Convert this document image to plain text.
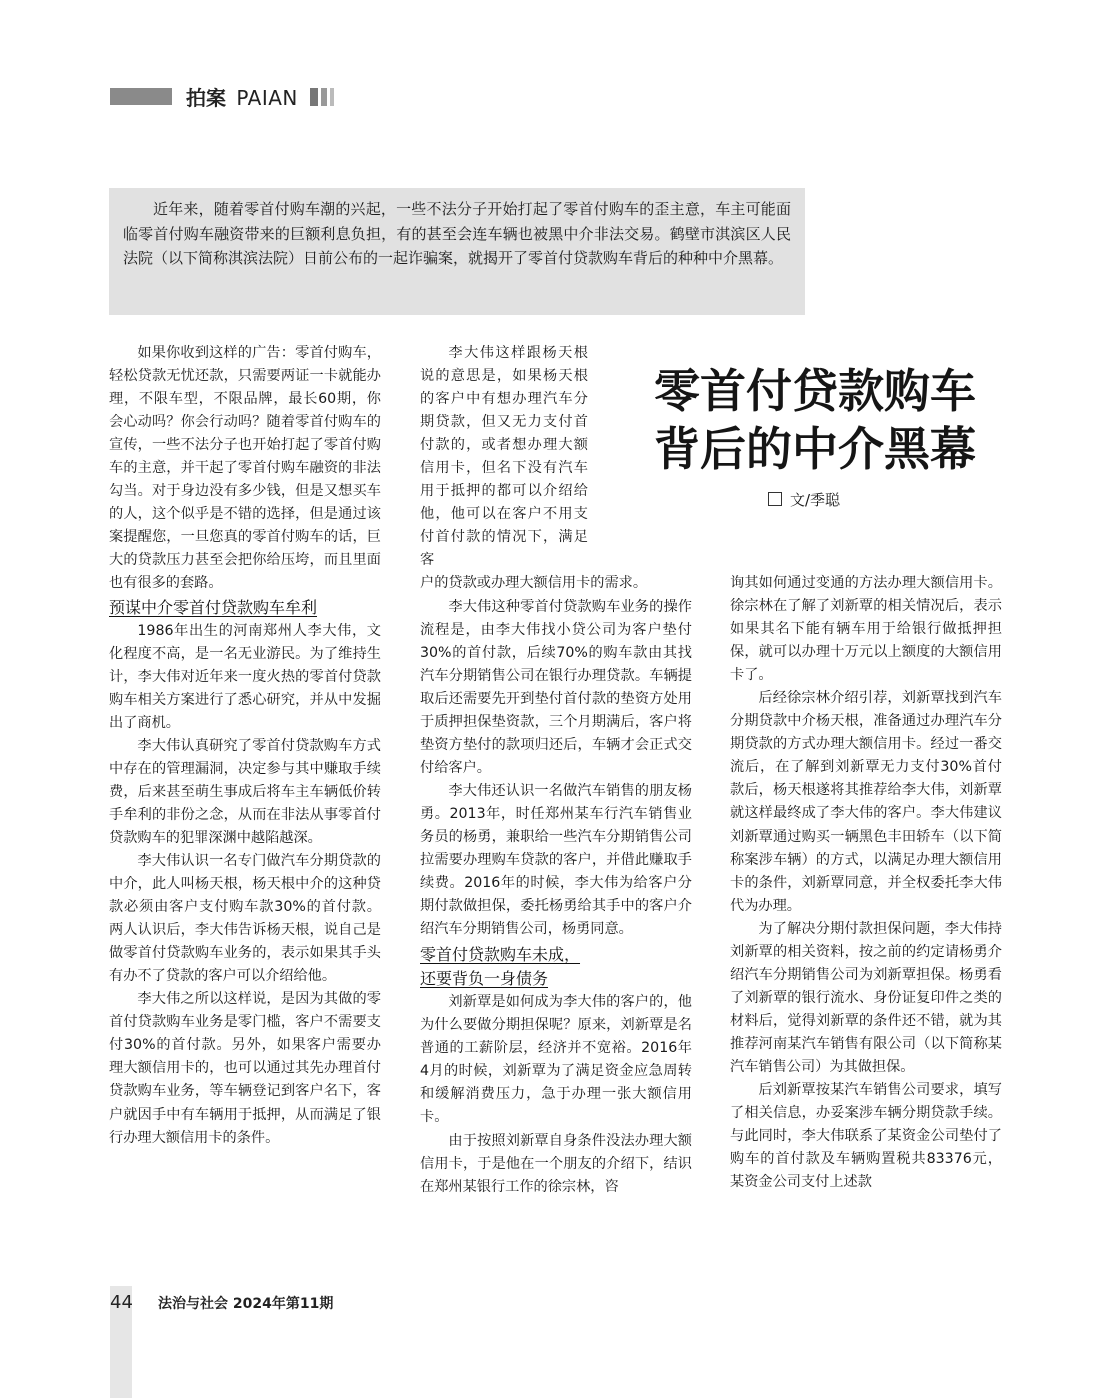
拍案 PAIAN

近年来，随着零首付购车潮的兴起，一些不法分子开始打起了零首付购车的歪主意，车主可能面临零首付购车融资带来的巨额利息负担，有的甚至会连车辆也被黑中介非法交易。鹤壁市淇滨区人民法院（以下简称淇滨法院）日前公布的一起诈骗案，就揭开了零首付贷款购车背后的种种中介黑幕。

零首付贷款购车
背后的中介黑幕
文/季聪

如果你收到这样的广告：零首付购车，轻松贷款无忧还款，只需要两证一卡就能办理，不限车型，不限品牌，最长60期，你会心动吗？你会行动吗？随着零首付购车的宣传，一些不法分子也开始打起了零首付购车的主意，并干起了零首付购车融资的非法勾当。对于身边没有多少钱，但是又想买车的人，这个似乎是不错的选择，但是通过该案提醒您，一旦您真的零首付购车的话，巨大的贷款压力甚至会把你给压垮，而且里面也有很多的套路。

预谋中介零首付贷款购车牟利

1986年出生的河南郑州人李大伟，文化程度不高，是一名无业游民。为了维持生计，李大伟对近年来一度火热的零首付贷款购车相关方案进行了悉心研究，并从中发掘出了商机。

李大伟认真研究了零首付贷款购车方式中存在的管理漏洞，决定参与其中赚取手续费，后来甚至萌生事成后将车主车辆低价转手牟利的非份之念，从而在非法从事零首付贷款购车的犯罪深渊中越陷越深。

李大伟认识一名专门做汽车分期贷款的中介，此人叫杨天根，杨天根中介的这种贷款必须由客户支付购车款30%的首付款。两人认识后，李大伟告诉杨天根，说自己是做零首付贷款购车业务的，表示如果其手头有办不了贷款的客户可以介绍给他。

李大伟之所以这样说，是因为其做的零首付贷款购车业务是零门槛，客户不需要支付30%的首付款。另外，如果客户需要办理大额信用卡的，也可以通过其先办理首付贷款购车业务，等车辆登记到客户名下，客户就因手中有车辆用于抵押，从而满足了银行办理大额信用卡的条件。

李大伟这样跟杨天根说的意思是，如果杨天根的客户中有想办理汽车分期贷款，但又无力支付首付款的，或者想办理大额信用卡，但名下没有汽车用于抵押的都可以介绍给他，他可以在客户不用支付首付款的情况下，满足客

户的贷款或办理大额信用卡的需求。

李大伟这种零首付贷款购车业务的操作流程是，由李大伟找小贷公司为客户垫付30%的首付款，后续70%的购车款由其找汽车分期销售公司在银行办理贷款。车辆提取后还需要先开到垫付首付款的垫资方处用于质押担保垫资款，三个月期满后，客户将垫资方垫付的款项归还后，车辆才会正式交付给客户。

李大伟还认识一名做汽车销售的朋友杨勇。2013年，时任郑州某车行汽车销售业务员的杨勇，兼职给一些汽车分期销售公司拉需要办理购车贷款的客户，并借此赚取手续费。2016年的时候，李大伟为给客户分期付款做担保，委托杨勇给其手中的客户介绍汽车分期销售公司，杨勇同意。

零首付贷款购车未成，
还要背负一身债务

刘新覃是如何成为李大伟的客户的，他为什么要做分期担保呢？原来，刘新覃是名普通的工薪阶层，经济并不宽裕。2016年4月的时候，刘新覃为了满足资金应急周转和缓解消费压力，急于办理一张大额信用卡。

由于按照刘新覃自身条件没法办理大额信用卡，于是他在一个朋友的介绍下，结识在郑州某银行工作的徐宗林，咨

询其如何通过变通的方法办理大额信用卡。徐宗林在了解了刘新覃的相关情况后，表示如果其名下能有辆车用于给银行做抵押担保，就可以办理十万元以上额度的大额信用卡了。

后经徐宗林介绍引荐，刘新覃找到汽车分期贷款中介杨天根，准备通过办理汽车分期贷款的方式办理大额信用卡。经过一番交流后，在了解到刘新覃无力支付30%首付款后，杨天根遂将其推荐给李大伟，刘新覃就这样最终成了李大伟的客户。李大伟建议刘新覃通过购买一辆黑色丰田轿车（以下简称案涉车辆）的方式，以满足办理大额信用卡的条件，刘新覃同意，并全权委托李大伟代为办理。

为了解决分期付款担保问题，李大伟持刘新覃的相关资料，按之前的约定请杨勇介绍汽车分期销售公司为刘新覃担保。杨勇看了刘新覃的银行流水、身份证复印件之类的材料后，觉得刘新覃的条件还不错，就为其推荐河南某汽车销售有限公司（以下简称某汽车销售公司）为其做担保。

后刘新覃按某汽车销售公司要求，填写了相关信息，办妥案涉车辆分期贷款手续。与此同时，李大伟联系了某资金公司垫付了购车的首付款及车辆购置税共83376元，某资金公司支付上述款

44 法治与社会 2024年第11期
